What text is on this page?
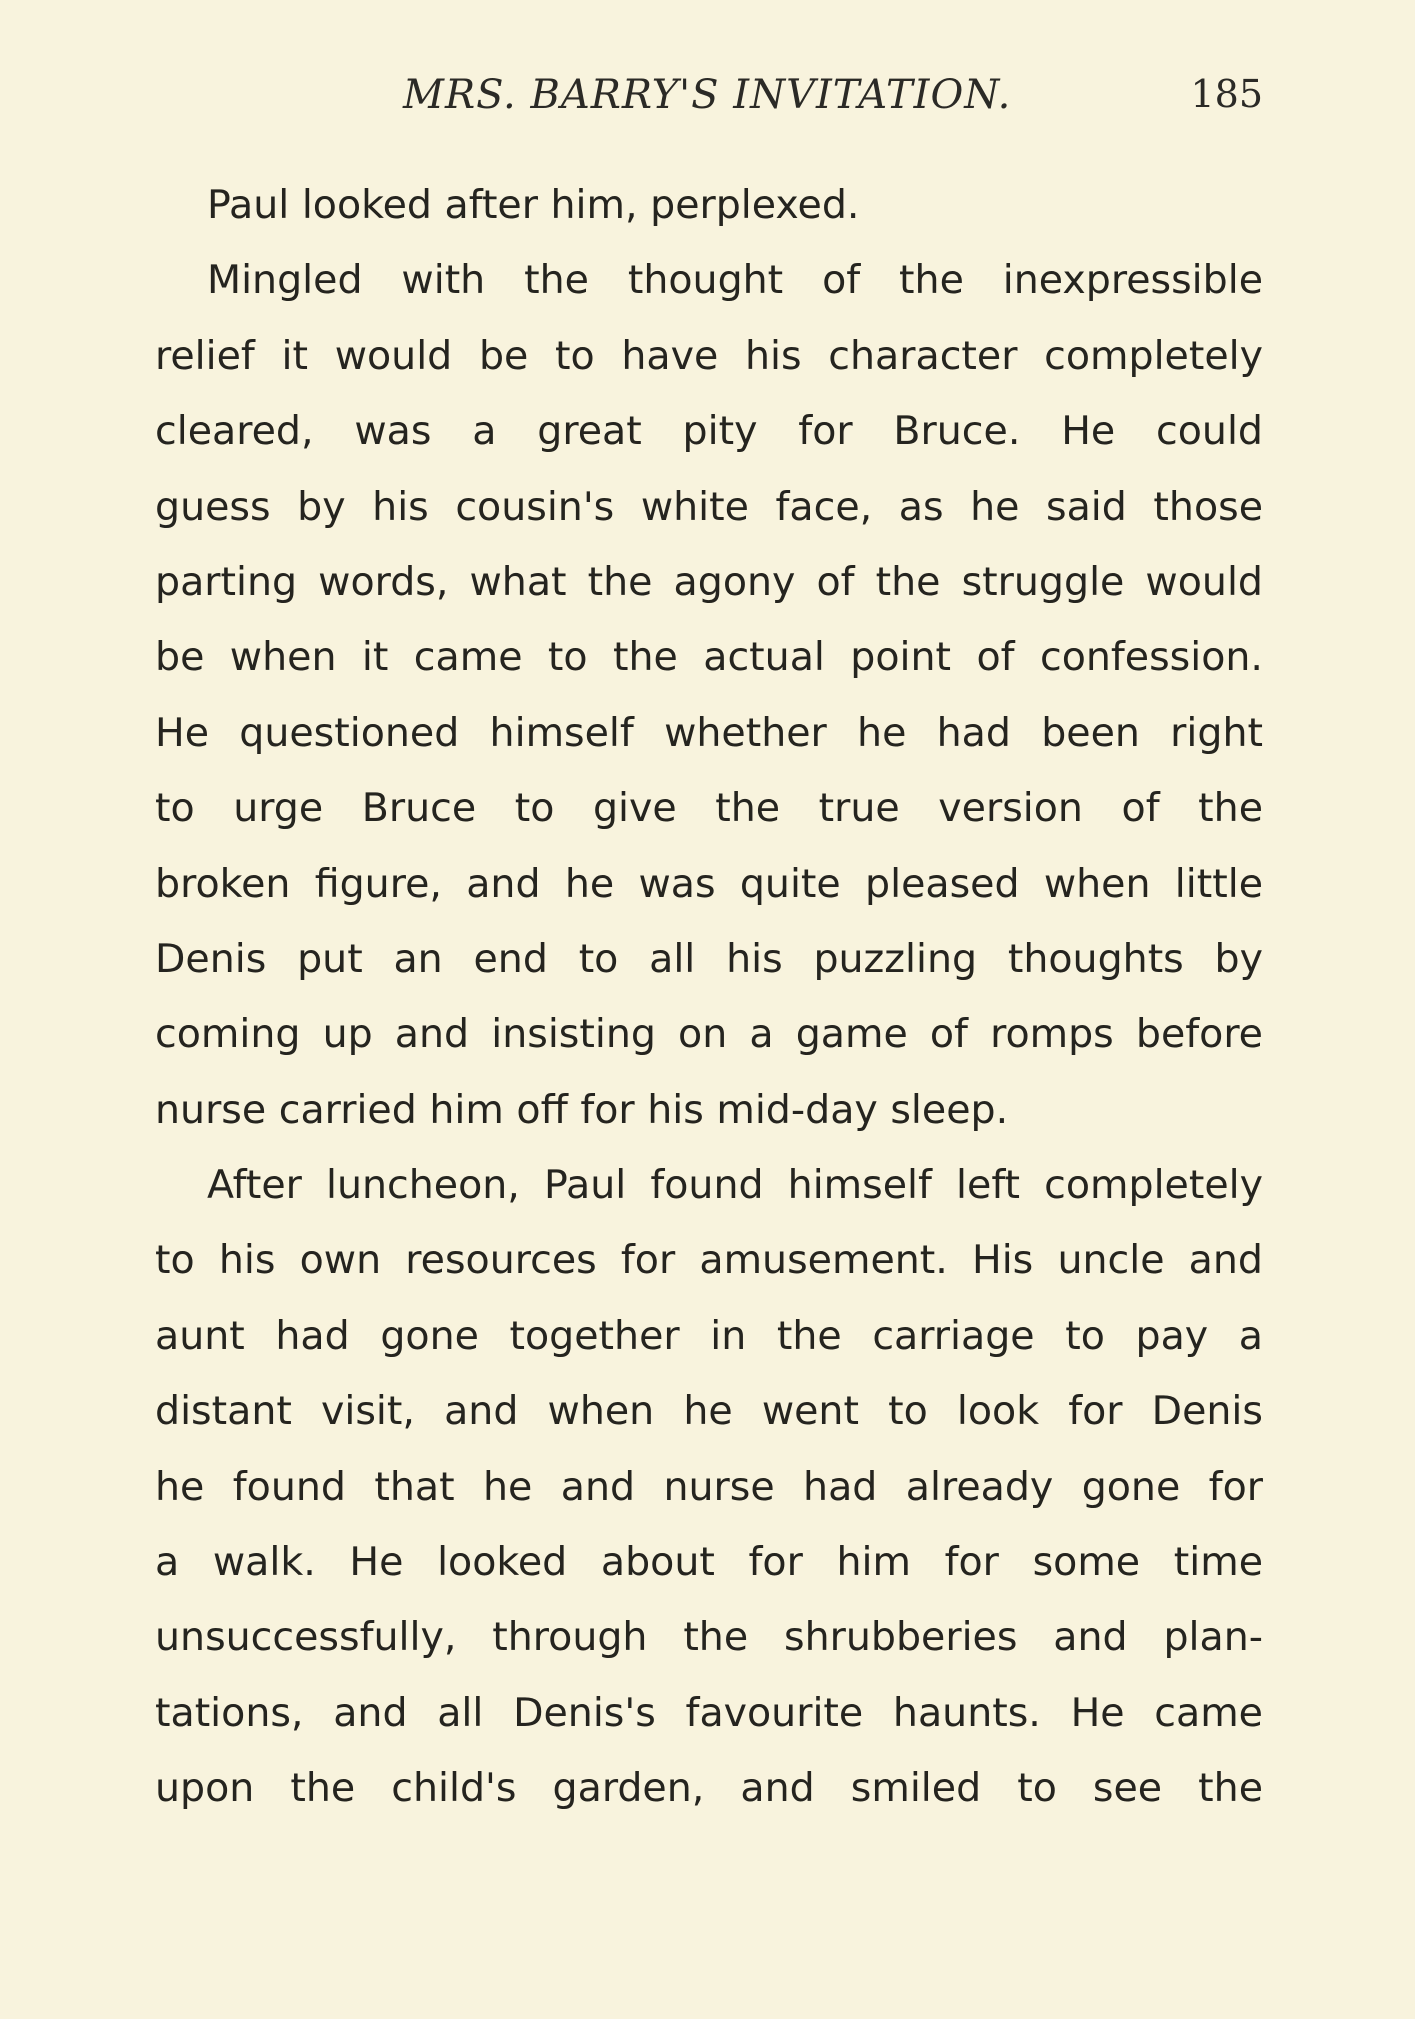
MRS. BARRY'S INVITATION.	185
Paul looked after him, perplexed.
Mingled with the thought of the inexpressible
relief it would be to have his character completely
cleared, was a great pity for Bruce. He could
guess by his cousin's white face, as he said those
parting words, what the agony of the struggle would
be when it came to the actual point of confession.
He questioned himself whether he had been right
to urge Bruce to give the true version of the
broken figure, and he was quite pleased when little
Denis put an end to all his puzzling thoughts by
coming up and insisting on a game of romps before
nurse carried him off for his mid-day sleep.
After luncheon, Paul found himself left completely
to his own resources for amusement. His uncle and
aunt had gone together in the carriage to pay a
distant visit, and when he went to look for Denis
he found that he and nurse had already gone for
a walk. He looked about for him for some time
unsuccessfully, through the shrubberies and plan-
tations, and all Denis's favourite haunts. He came
upon the child's garden, and smiled to see the
